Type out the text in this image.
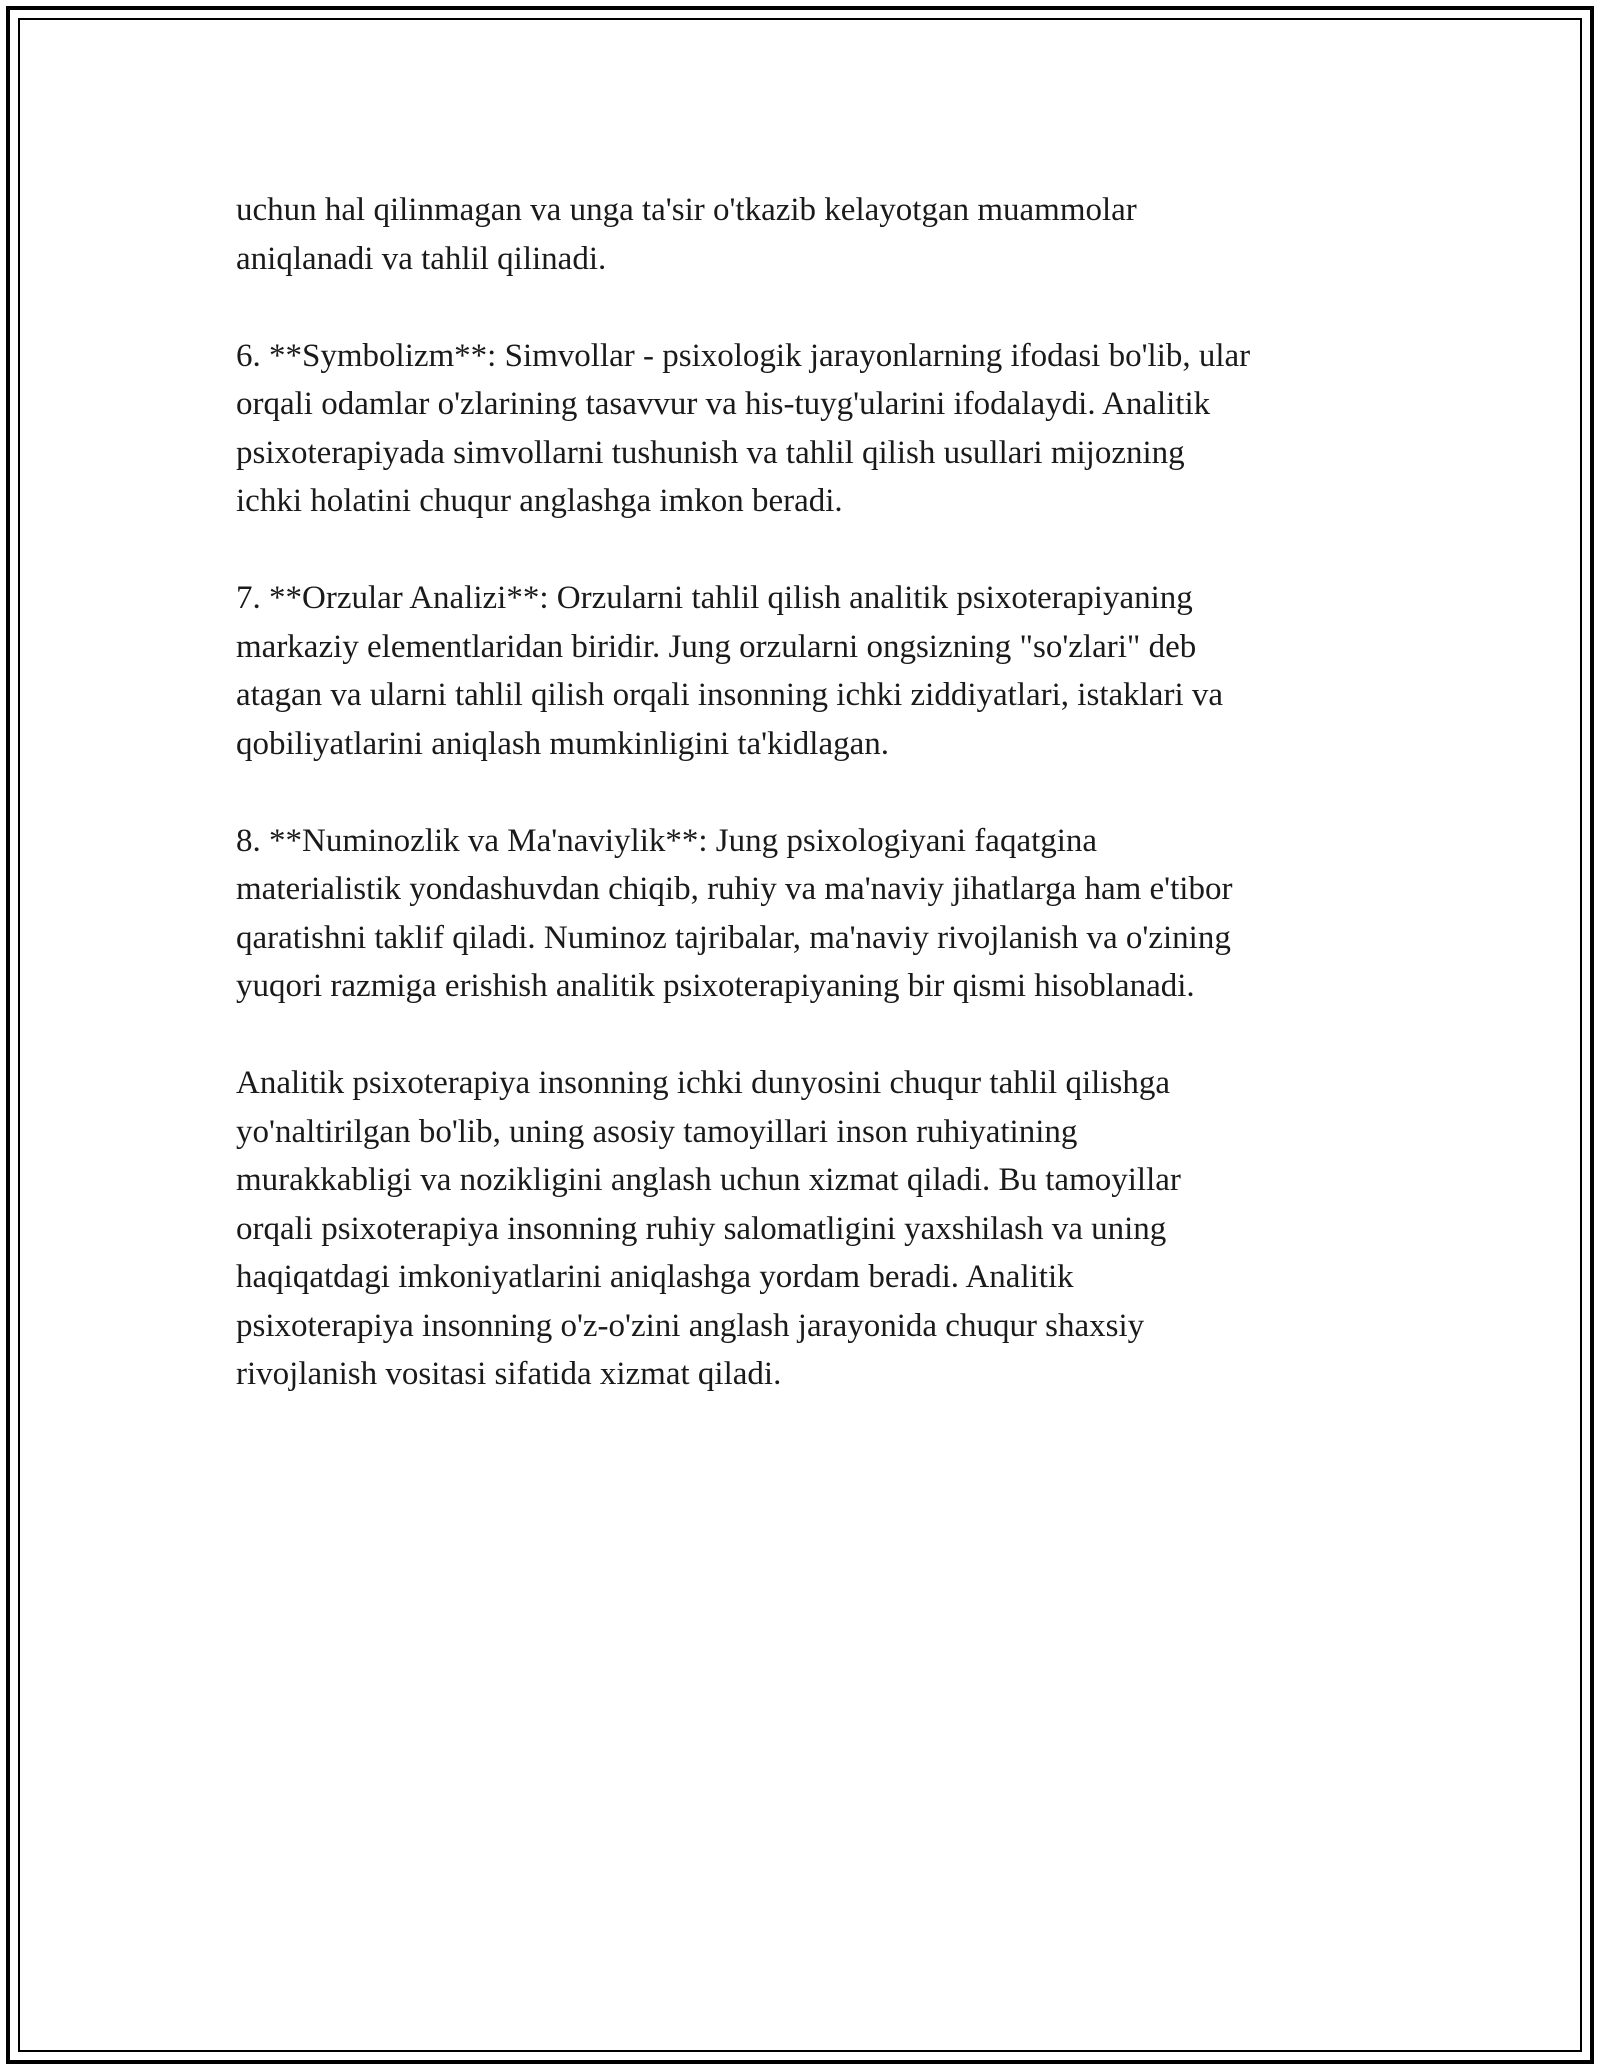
uchun hal qilinmagan va unga ta'sir o'tkazib kelayotgan muammolar
aniqlanadi va tahlil qilinadi.

6. **Symbolizm**: Simvollar - psixologik jarayonlarning ifodasi bo'lib, ular
orqali odamlar o'zlarining tasavvur va his-tuyg'ularini ifodalaydi. Analitik
psixoterapiyada simvollarni tushunish va tahlil qilish usullari mijozning
ichki holatini chuqur anglashga imkon beradi.

7. **Orzular Analizi**: Orzularni tahlil qilish analitik psixoterapiyaning
markaziy elementlaridan biridir. Jung orzularni ongsizning "so'zlari" deb
atagan va ularni tahlil qilish orqali insonning ichki ziddiyatlari, istaklari va
qobiliyatlarini aniqlash mumkinligini ta'kidlagan.

8. **Numinozlik va Ma'naviylik**: Jung psixologiyani faqatgina
materialistik yondashuvdan chiqib, ruhiy va ma'naviy jihatlarga ham e'tibor
qaratishni taklif qiladi. Numinoz tajribalar, ma'naviy rivojlanish va o'zining
yuqori razmiga erishish analitik psixoterapiyaning bir qismi hisoblanadi.

Analitik psixoterapiya insonning ichki dunyosini chuqur tahlil qilishga
yo'naltirilgan bo'lib, uning asosiy tamoyillari inson ruhiyatining
murakkabligi va nozikligini anglash uchun xizmat qiladi. Bu tamoyillar
orqali psixoterapiya insonning ruhiy salomatligini yaxshilash va uning
haqiqatdagi imkoniyatlarini aniqlashga yordam beradi. Analitik
psixoterapiya insonning o'z-o'zini anglash jarayonida chuqur shaxsiy
rivojlanish vositasi sifatida xizmat qiladi.
